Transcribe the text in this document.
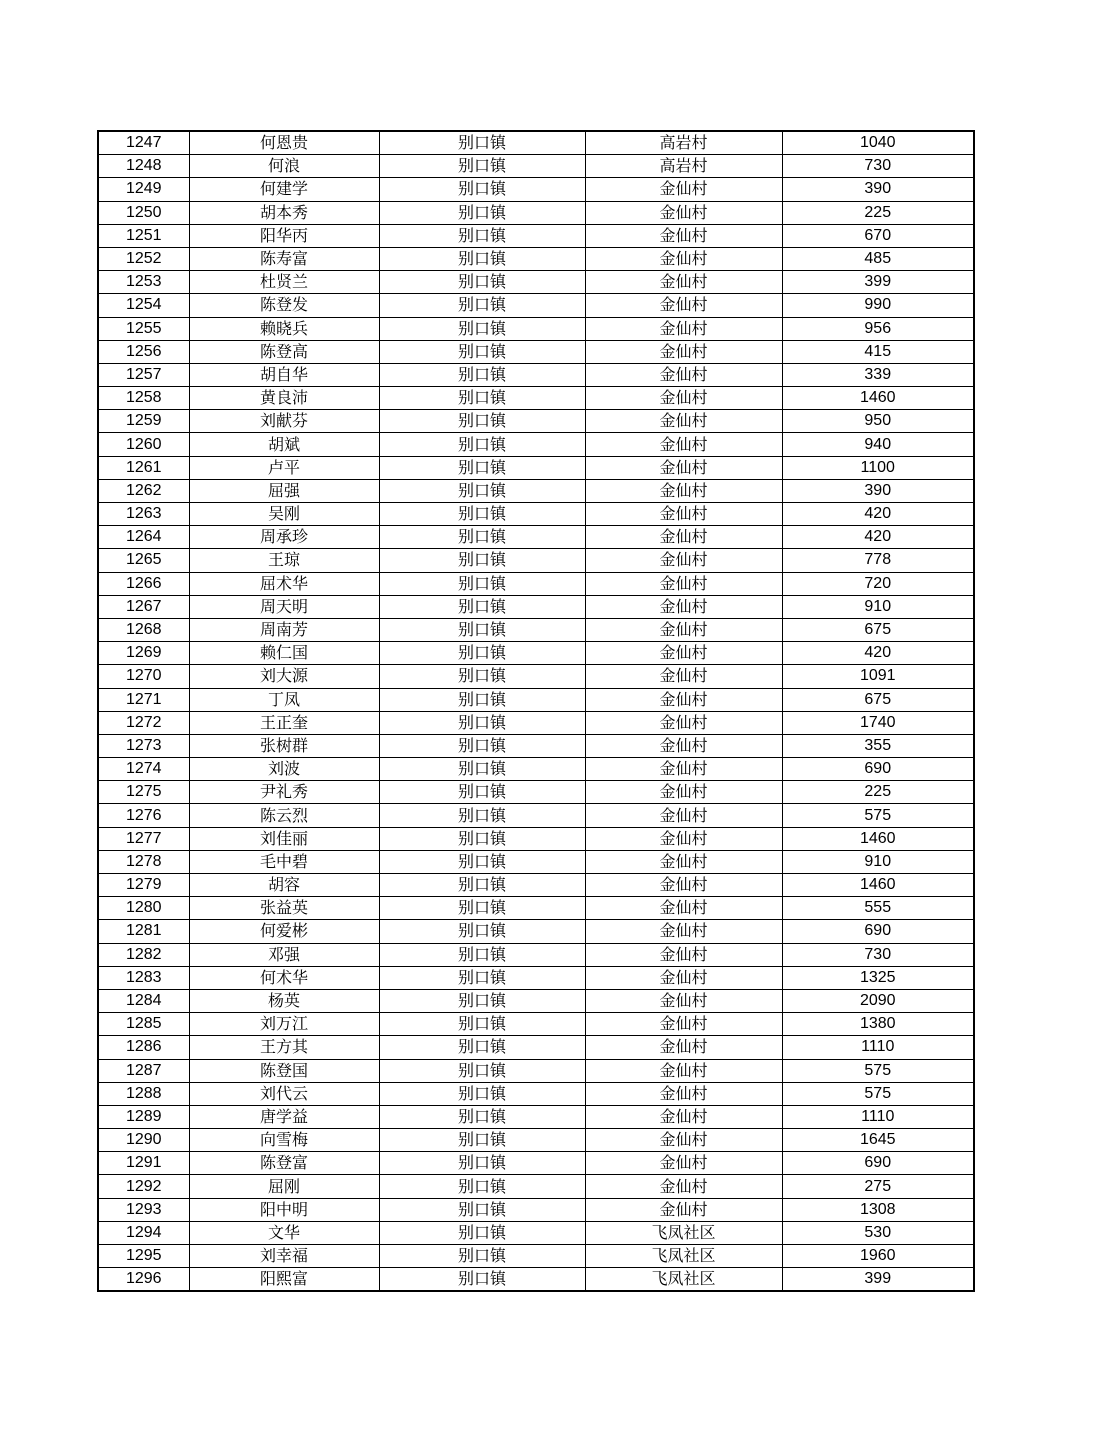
1247	何恩贵	别口镇	高岩村	1040
1248	何浪	别口镇	高岩村	730
1249	何建学	别口镇	金仙村	390
1250	胡本秀	别口镇	金仙村	225
1251	阳华丙	别口镇	金仙村	670
1252	陈寿富	别口镇	金仙村	485
1253	杜贤兰	别口镇	金仙村	399
1254	陈登发	别口镇	金仙村	990
1255	赖晓兵	别口镇	金仙村	956
1256	陈登高	别口镇	金仙村	415
1257	胡自华	别口镇	金仙村	339
1258	黄良沛	别口镇	金仙村	1460
1259	刘献芬	别口镇	金仙村	950
1260	胡斌	别口镇	金仙村	940
1261	卢平	别口镇	金仙村	1100
1262	屈强	别口镇	金仙村	390
1263	吴刚	别口镇	金仙村	420
1264	周承珍	别口镇	金仙村	420
1265	王琼	别口镇	金仙村	778
1266	屈术华	别口镇	金仙村	720
1267	周天明	别口镇	金仙村	910
1268	周南芳	别口镇	金仙村	675
1269	赖仁国	别口镇	金仙村	420
1270	刘大源	别口镇	金仙村	1091
1271	丁凤	别口镇	金仙村	675
1272	王正奎	别口镇	金仙村	1740
1273	张树群	别口镇	金仙村	355
1274	刘波	别口镇	金仙村	690
1275	尹礼秀	别口镇	金仙村	225
1276	陈云烈	别口镇	金仙村	575
1277	刘佳丽	别口镇	金仙村	1460
1278	毛中碧	别口镇	金仙村	910
1279	胡容	别口镇	金仙村	1460
1280	张益英	别口镇	金仙村	555
1281	何爱彬	别口镇	金仙村	690
1282	邓强	别口镇	金仙村	730
1283	何术华	别口镇	金仙村	1325
1284	杨英	别口镇	金仙村	2090
1285	刘万江	别口镇	金仙村	1380
1286	王方其	别口镇	金仙村	1110
1287	陈登国	别口镇	金仙村	575
1288	刘代云	别口镇	金仙村	575
1289	唐学益	别口镇	金仙村	1110
1290	向雪梅	别口镇	金仙村	1645
1291	陈登富	别口镇	金仙村	690
1292	屈刚	别口镇	金仙村	275
1293	阳中明	别口镇	金仙村	1308
1294	文华	别口镇	飞凤社区	530
1295	刘幸福	别口镇	飞凤社区	1960
1296	阳熙富	别口镇	飞凤社区	399
